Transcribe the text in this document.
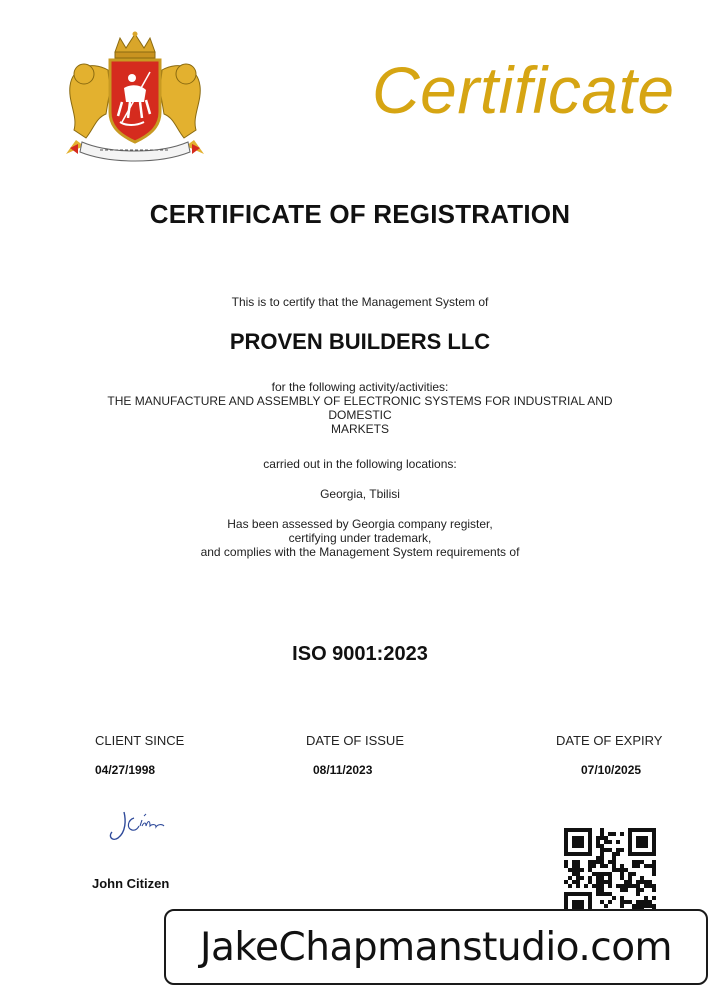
Certificate
CERTIFICATE OF REGISTRATION
This is to certify that the Management System of
PROVEN BUILDERS LLC
for the following activity/activities:
THE MANUFACTURE AND ASSEMBLY OF ELECTRONIC SYSTEMS FOR INDUSTRIAL AND
DOMESTIC
MARKETS
carried out in the following locations:
Georgia, Tbilisi
Has been assessed by Georgia company register,
certifying under trademark,
and complies with the Management System requirements of
ISO 9001:2023
CLIENT SINCE
04/27/1998
DATE OF ISSUE
08/11/2023
DATE OF EXPIRY
07/10/2025
John Citizen
JakeChapmanstudio.com
